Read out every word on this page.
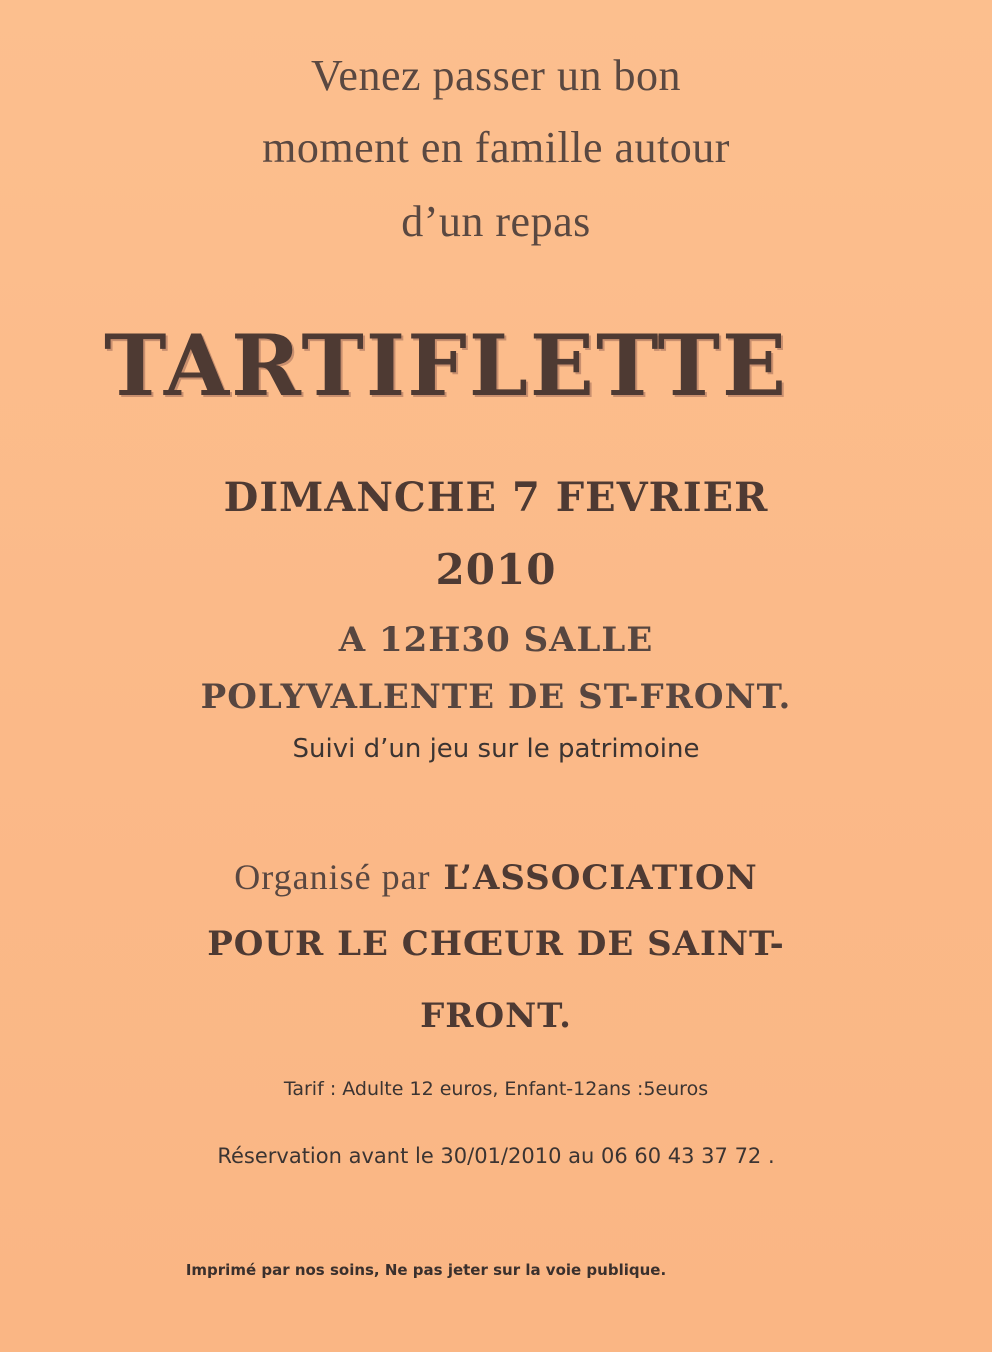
Venez passer un bon
moment en famille autour
d’un repas
TARTIFLETTE
DIMANCHE 7 FEVRIER
2010
A 12H30 SALLE
POLYVALENTE DE ST-FRONT.
Suivi d’un jeu sur le patrimoine
Organisé par L’ASSOCIATION
POUR LE CHŒUR DE SAINT-
FRONT.
Tarif : Adulte 12 euros, Enfant-12ans :5euros
Réservation avant le 30/01/2010 au 06 60 43 37 72 .
Imprimé par nos soins, Ne pas jeter sur la voie publique.
